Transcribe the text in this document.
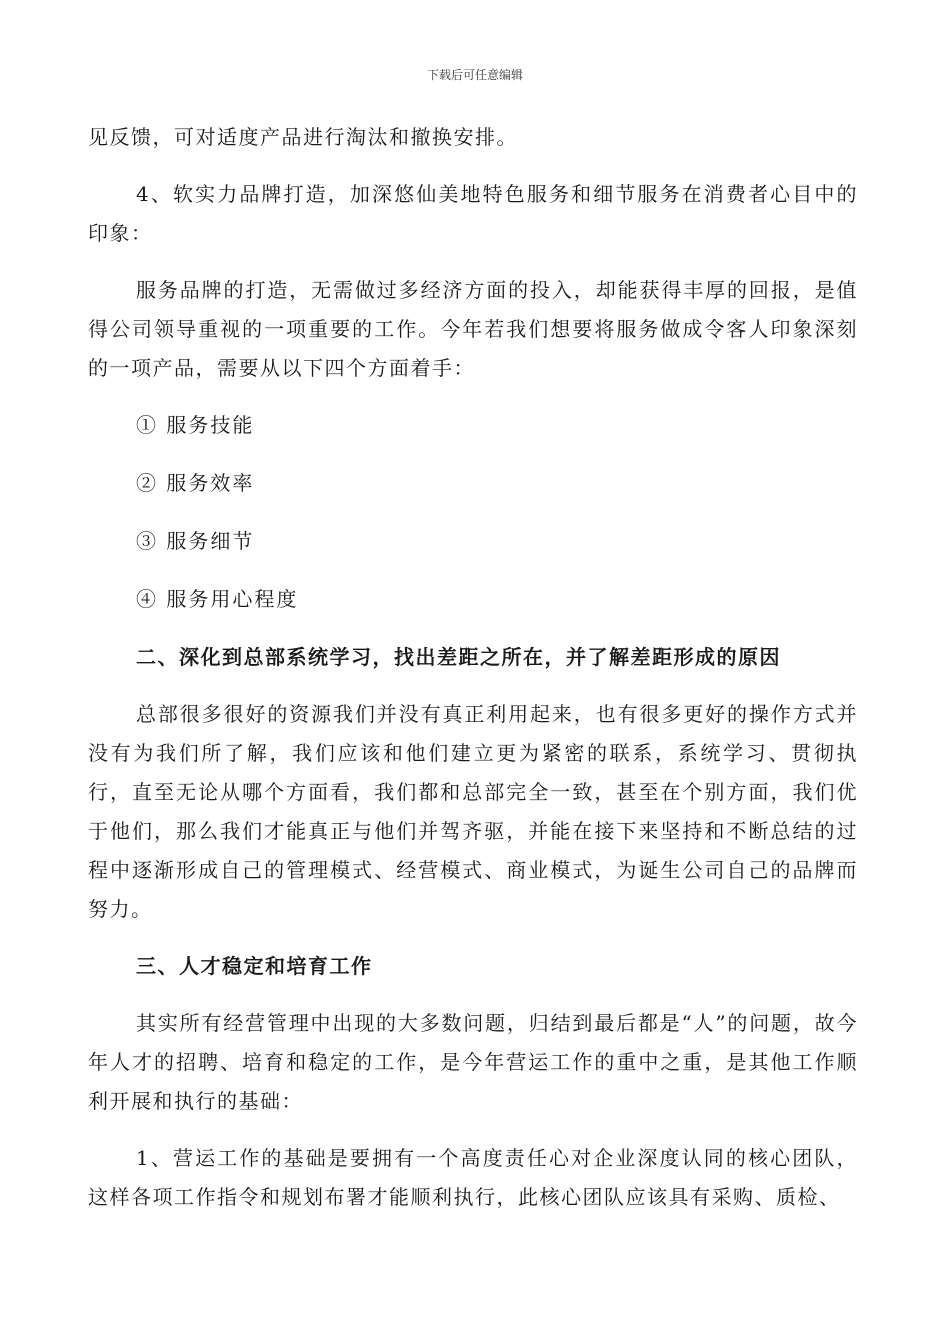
下载后可任意编辑

见反馈，可对适度产品进行淘汰和撤换安排。

4、软实力品牌打造，加深悠仙美地特色服务和细节服务在消费者心目中的印象：

服务品牌的打造，无需做过多经济方面的投入，却能获得丰厚的回报，是值得公司领导重视的一项重要的工作。今年若我们想要将服务做成令客人印象深刻的一项产品，需要从以下四个方面着手：

① 服务技能

② 服务效率

③ 服务细节

④ 服务用心程度

二、深化到总部系统学习，找出差距之所在，并了解差距形成的原因

总部很多很好的资源我们并没有真正利用起来，也有很多更好的操作方式并没有为我们所了解，我们应该和他们建立更为紧密的联系，系统学习、贯彻执行，直至无论从哪个方面看，我们都和总部完全一致，甚至在个别方面，我们优于他们，那么我们才能真正与他们并驾齐驱，并能在接下来坚持和不断总结的过程中逐渐形成自己的管理模式、经营模式、商业模式，为诞生公司自己的品牌而努力。

三、人才稳定和培育工作

其实所有经营管理中出现的大多数问题，归结到最后都是“人”的问题，故今年人才的招聘、培育和稳定的工作，是今年营运工作的重中之重，是其他工作顺利开展和执行的基础：

1、营运工作的基础是要拥有一个高度责任心对企业深度认同的核心团队，这样各项工作指令和规划布署才能顺利执行，此核心团队应该具有采购、质检、
